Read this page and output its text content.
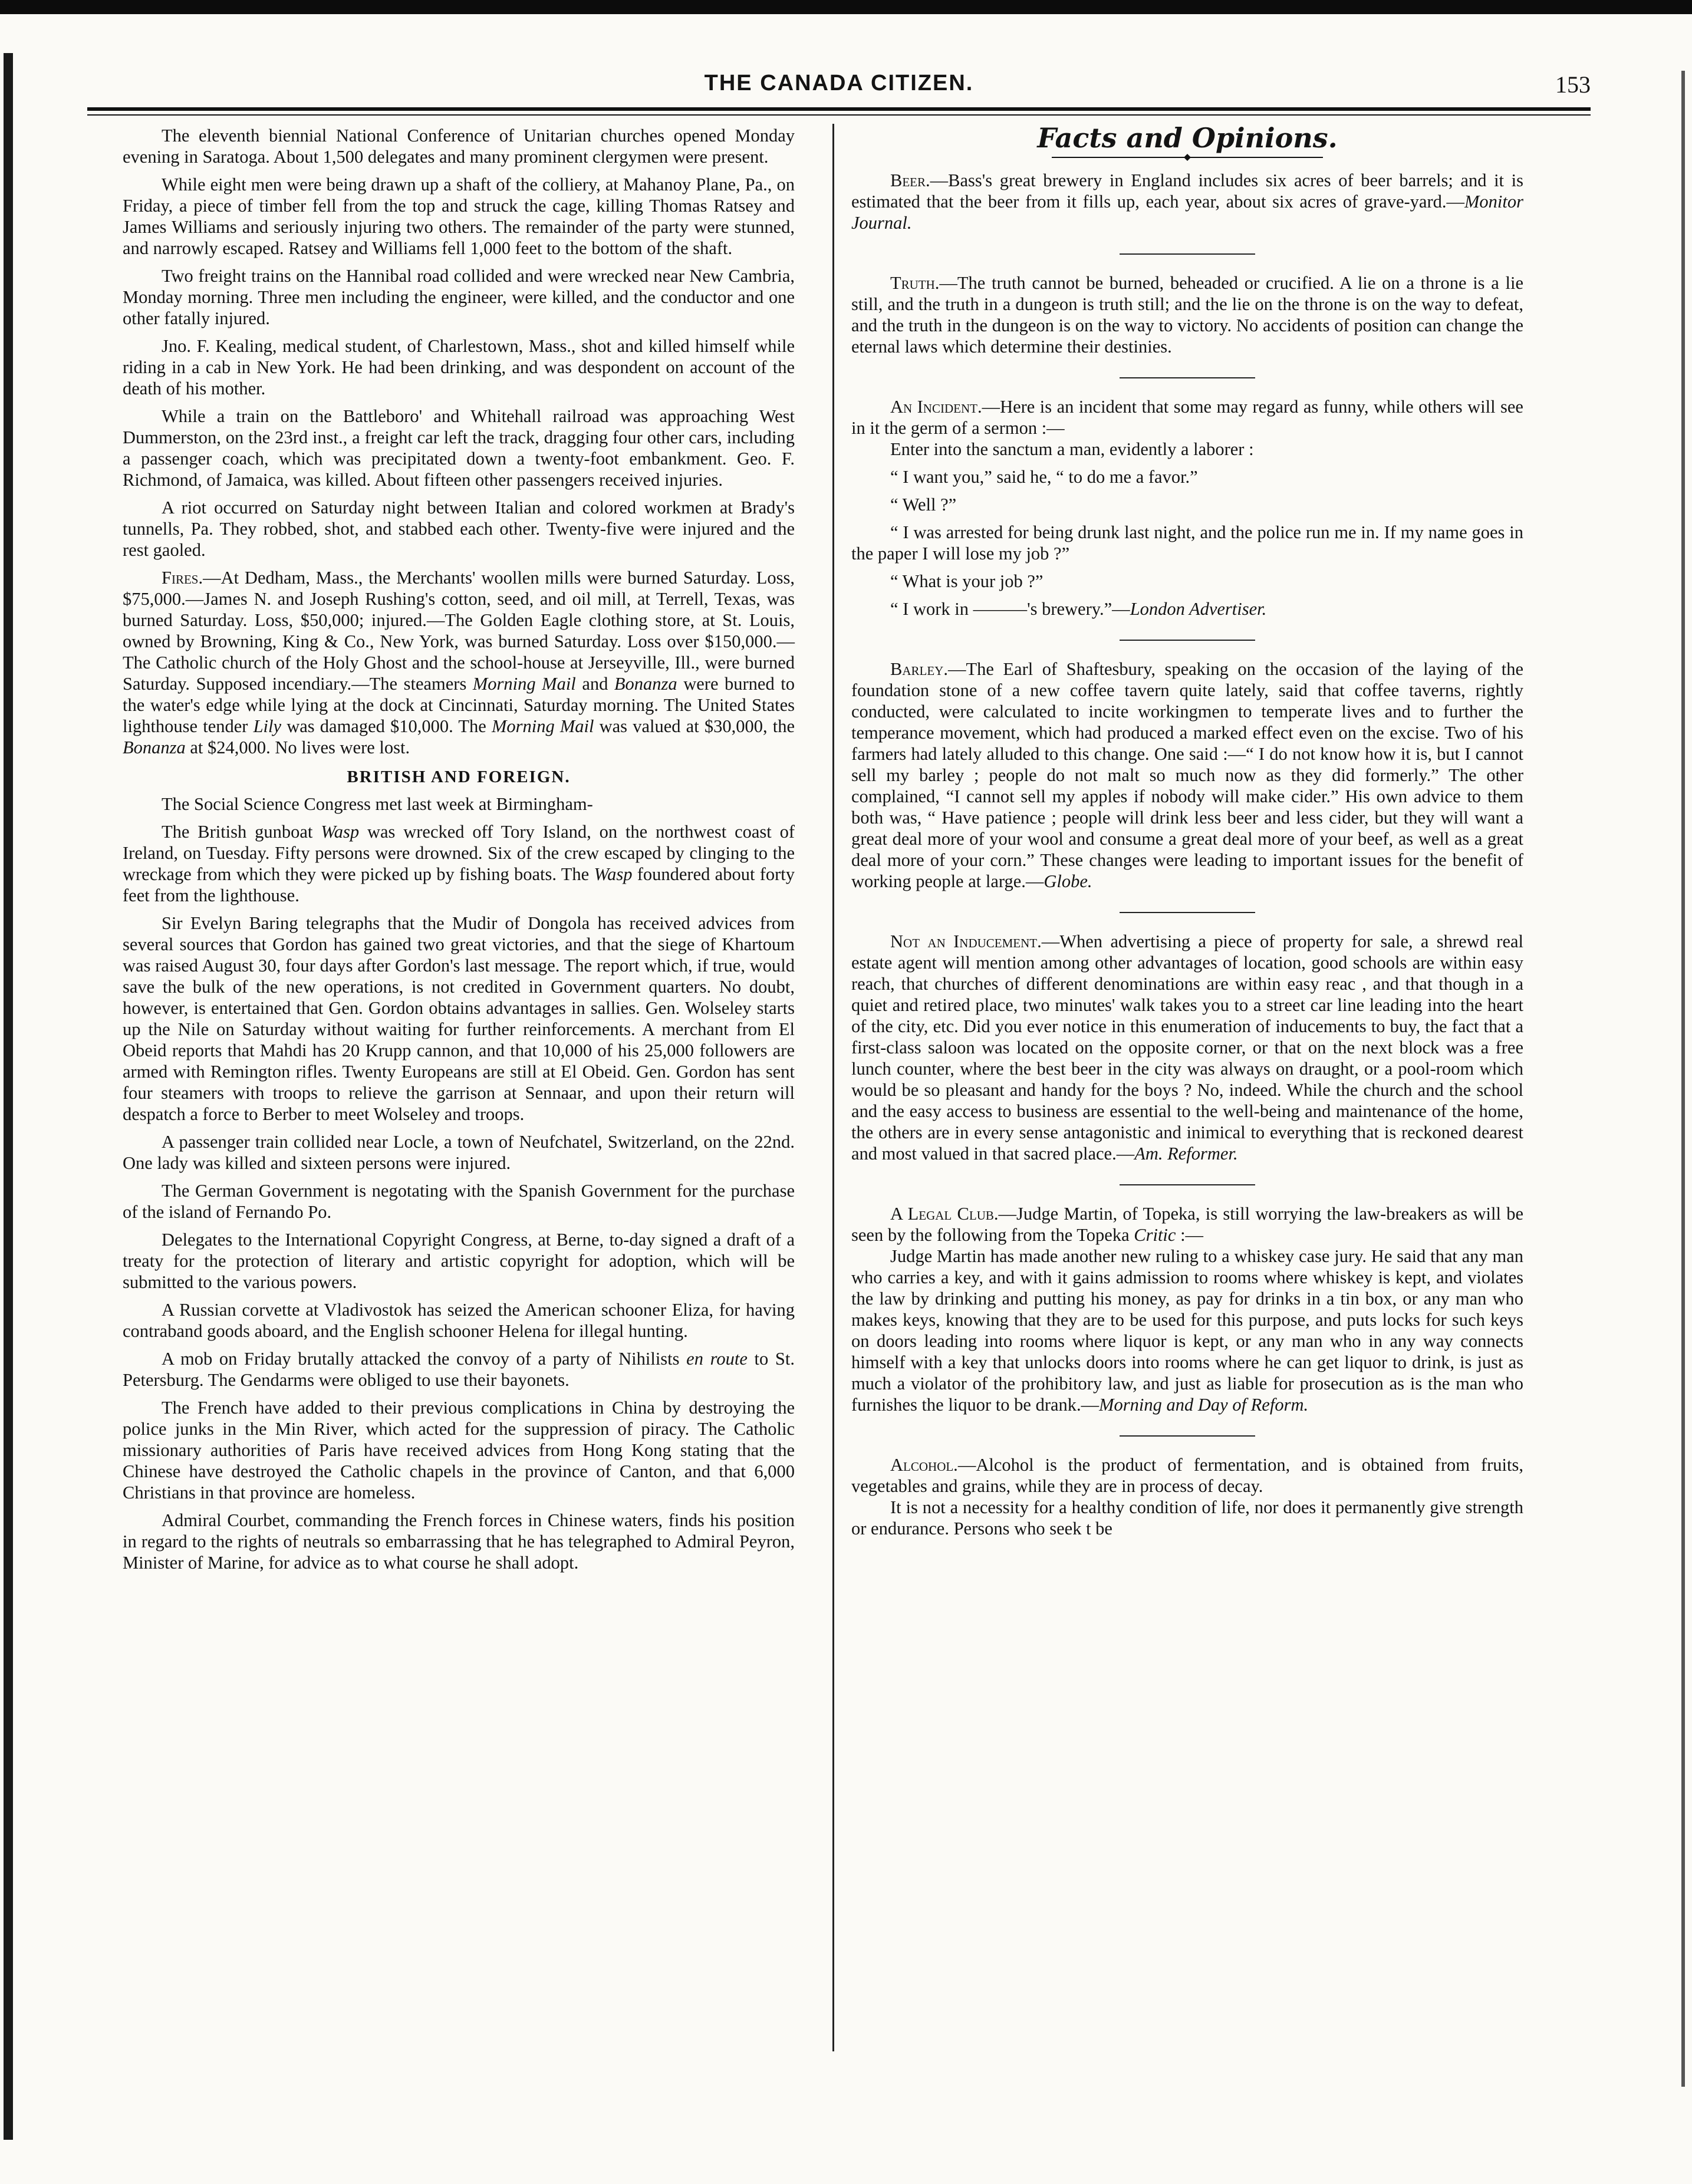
THE CANADA CITIZEN.	153

The eleventh biennial National Conference of Unitarian churches opened Monday evening in Saratoga. About 1,500 delegates and many prominent clergymen were present.

While eight men were being drawn up a shaft of the colliery, at Mahanoy Plane, Pa., on Friday, a piece of timber fell from the top and struck the cage, killing Thomas Ratsey and James Williams and seriously injuring two others. The remainder of the party were stunned, and narrowly escaped. Ratsey and Williams fell 1,000 feet to the bottom of the shaft.

Two freight trains on the Hannibal road collided and were wrecked near New Cambria, Monday morning. Three men including the engineer, were killed, and the conductor and one other fatally injured.

Jno. F. Kealing, medical student, of Charlestown, Mass., shot and killed himself while riding in a cab in New York. He had been drinking, and was despondent on account of the death of his mother.

While a train on the Battleboro' and Whitehall railroad was approaching West Dummerston, on the 23rd inst., a freight car left the track, dragging four other cars, including a passenger coach, which was precipitated down a twenty-foot embankment. Geo. F. Richmond, of Jamaica, was killed. About fifteen other passengers received injuries.

A riot occurred on Saturday night between Italian and colored workmen at Brady's tunnells, Pa. They robbed, shot, and stabbed each other. Twenty-five were injured and the rest gaoled.

Fires.—At Dedham, Mass., the Merchants' woollen mills were burned Saturday. Loss, $75,000.—James N. and Joseph Rushing's cotton, seed, and oil mill, at Terrell, Texas, was burned Saturday. Loss, $50,000; injured.—The Golden Eagle clothing store, at St. Louis, owned by Browning, King & Co., New York, was burned Saturday. Loss over $150,000.—The Catholic church of the Holy Ghost and the school-house at Jerseyville, Ill., were burned Saturday. Supposed incendiary.—The steamers Morning Mail and Bonanza were burned to the water's edge while lying at the dock at Cincinnati, Saturday morning. The United States lighthouse tender Lily was damaged $10,000. The Morning Mail was valued at $30,000, the Bonanza at $24,000. No lives were lost.

BRITISH AND FOREIGN.

The Social Science Congress met last week at Birmingham-

The British gunboat Wasp was wrecked off Tory Island, on the northwest coast of Ireland, on Tuesday. Fifty persons were drowned. Six of the crew escaped by clinging to the wreckage from which they were picked up by fishing boats. The Wasp foundered about forty feet from the lighthouse.

Sir Evelyn Baring telegraphs that the Mudir of Dongola has received advices from several sources that Gordon has gained two great victories, and that the siege of Khartoum was raised August 30, four days after Gordon's last message. The report which, if true, would save the bulk of the new operations, is not credited in Government quarters. No doubt, however, is entertained that Gen. Gordon obtains advantages in sallies. Gen. Wolseley starts up the Nile on Saturday without waiting for further reinforcements. A merchant from El Obeid reports that Mahdi has 20 Krupp cannon, and that 10,000 of his 25,000 followers are armed with Remington rifles. Twenty Europeans are still at El Obeid. Gen. Gordon has sent four steamers with troops to relieve the garrison at Sennaar, and upon their return will despatch a force to Berber to meet Wolseley and troops.

A passenger train collided near Locle, a town of Neufchatel, Switzerland, on the 22nd. One lady was killed and sixteen persons were injured.

The German Government is negotating with the Spanish Government for the purchase of the island of Fernando Po.

Delegates to the International Copyright Congress, at Berne, to-day signed a draft of a treaty for the protection of literary and artistic copyright for adoption, which will be submitted to the various powers.

A Russian corvette at Vladivostok has seized the American schooner Eliza, for having contraband goods aboard, and the English schooner Helena for illegal hunting.

A mob on Friday brutally attacked the convoy of a party of Nihilists en route to St. Petersburg. The Gendarms were obliged to use their bayonets.

The French have added to their previous complications in China by destroying the police junks in the Min River, which acted for the suppression of piracy. The Catholic missionary authorities of Paris have received advices from Hong Kong stating that the Chinese have destroyed the Catholic chapels in the province of Canton, and that 6,000 Christians in that province are homeless.

Admiral Courbet, commanding the French forces in Chinese waters, finds his position in regard to the rights of neutrals so embarrassing that he has telegraphed to Admiral Peyron, Minister of Marine, for advice as to what course he shall adopt.

Facts and Opinions.

Beer.—Bass's great brewery in England includes six acres of beer barrels; and it is estimated that the beer from it fills up, each year, about six acres of grave-yard.—Monitor Journal.

Truth.—The truth cannot be burned, beheaded or crucified. A lie on a throne is a lie still, and the truth in a dungeon is truth still; and the lie on the throne is on the way to defeat, and the truth in the dungeon is on the way to victory. No accidents of position can change the eternal laws which determine their destinies.

An Incident.—Here is an incident that some may regard as funny, while others will see in it the germ of a sermon :—

Enter into the sanctum a man, evidently a laborer :

“ I want you,” said he, “ to do me a favor.”

“ Well ?”

“ I was arrested for being drunk last night, and the police run me in. If my name goes in the paper I will lose my job ?”

“ What is your job ?”

“ I work in ———'s brewery.”—London Advertiser.

Barley.—The Earl of Shaftesbury, speaking on the occasion of the laying of the foundation stone of a new coffee tavern quite lately, said that coffee taverns, rightly conducted, were calculated to incite workingmen to temperate lives and to further the temperance movement, which had produced a marked effect even on the excise. Two of his farmers had lately alluded to this change. One said :—“ I do not know how it is, but I cannot sell my barley ; people do not malt so much now as they did formerly.” The other complained, “I cannot sell my apples if nobody will make cider.” His own advice to them both was, “ Have patience ; people will drink less beer and less cider, but they will want a great deal more of your wool and consume a great deal more of your beef, as well as a great deal more of your corn.” These changes were leading to important issues for the benefit of working people at large.—Globe.

Not an Inducement.—When advertising a piece of property for sale, a shrewd real estate agent will mention among other advantages of location, good schools are within easy reach, that churches of different denominations are within easy reac , and that though in a quiet and retired place, two minutes' walk takes you to a street car line leading into the heart of the city, etc. Did you ever notice in this enumeration of inducements to buy, the fact that a first-class saloon was located on the opposite corner, or that on the next block was a free lunch counter, where the best beer in the city was always on draught, or a pool-room which would be so pleasant and handy for the boys ? No, indeed. While the church and the school and the easy access to business are essential to the well-being and maintenance of the home, the others are in every sense antagonistic and inimical to everything that is reckoned dearest and most valued in that sacred place.—Am. Reformer.

A Legal Club.—Judge Martin, of Topeka, is still worrying the law-breakers as will be seen by the following from the Topeka Critic :—

Judge Martin has made another new ruling to a whiskey case jury. He said that any man who carries a key, and with it gains admission to rooms where whiskey is kept, and violates the law by drinking and putting his money, as pay for drinks in a tin box, or any man who makes keys, knowing that they are to be used for this purpose, and puts locks for such keys on doors leading into rooms where liquor is kept, or any man who in any way connects himself with a key that unlocks doors into rooms where he can get liquor to drink, is just as much a violator of the prohibitory law, and just as liable for prosecution as is the man who furnishes the liquor to be drank.—Morning and Day of Reform.

Alcohol.—Alcohol is the product of fermentation, and is obtained from fruits, vegetables and grains, while they are in process of decay.

It is not a necessity for a healthy condition of life, nor does it permanently give strength or endurance. Persons who seek t be
